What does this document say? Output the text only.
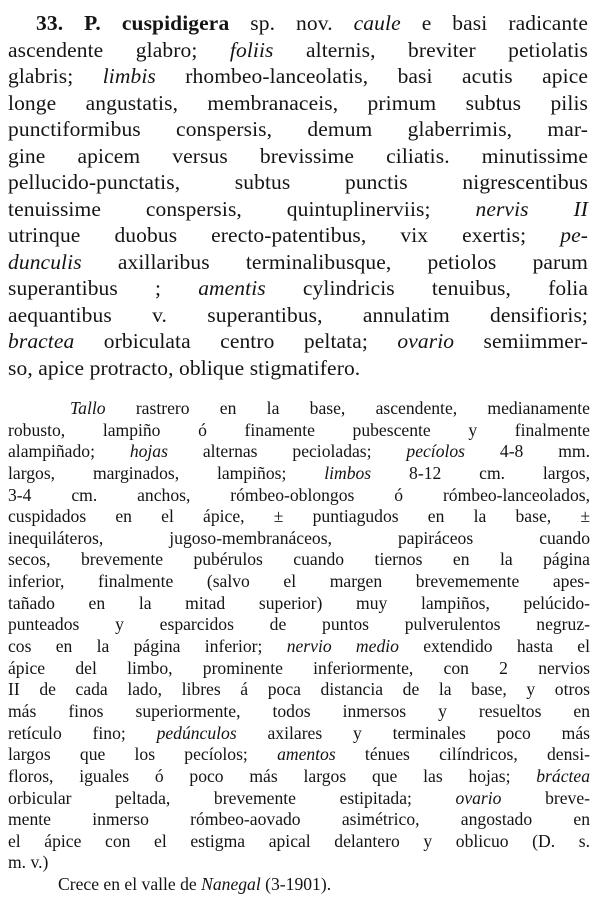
33. P. cuspidigera sp. nov. caule e basi radicante
ascendente glabro; foliis alternis, breviter petiolatis
glabris; limbis rhombeo-lanceolatis, basi acutis apice
longe angustatis, membranaceis, primum subtus pilis
punctiformibus conspersis, demum glaberrimis, mar-
gine apicem versus brevissime ciliatis. minutissime
pellucido-punctatis, subtus punctis nigrescentibus
tenuissime conspersis, quintuplinerviis; nervis II
utrinque duobus erecto-patentibus, vix exertis; pe-
dunculis axillaribus terminalibusque, petiolos parum
superantibus ; amentis cylindricis tenuibus, folia
aequantibus v. superantibus, annulatim densifioris;
bractea orbiculata centro peltata; ovario semiimmer-
so, apice protracto, oblique stigmatifero.
Tallo rastrero en la base, ascendente, medianamente
robusto, lampiño ó finamente pubescente y finalmente
alampiñado; hojas alternas pecioladas; pecíolos 4-8 mm.
largos, marginados, lampiños; limbos 8-12 cm. largos,
3-4 cm. anchos, rómbeo-oblongos ó rómbeo-lanceolados,
cuspidados en el ápice, ± puntiagudos en la base, ±
inequiláteros, jugoso-membranáceos, papiráceos cuando
secos, brevemente pubérulos cuando tiernos en la página
inferior, finalmente (salvo el margen brevememente apes-
tañado en la mitad superior) muy lampiños, pelúcido-
punteados y esparcidos de puntos pulverulentos negruz-
cos en la página inferior; nervio medio extendido hasta el
ápice del limbo, prominente inferiormente, con 2 nervios
II de cada lado, libres á poca distancia de la base, y otros
más finos superiormente, todos inmersos y resueltos en
retículo fino; pedúnculos axilares y terminales poco más
largos que los pecíolos; amentos ténues cilíndricos, densi-
floros, iguales ó poco más largos que las hojas; bráctea
orbicular peltada, brevemente estipitada; ovario breve-
mente inmerso rómbeo-aovado asimétrico, angostado en
el ápice con el estigma apical delantero y oblicuo (D. s.
m. v.)
Crece en el valle de Nanegal (3-1901).
